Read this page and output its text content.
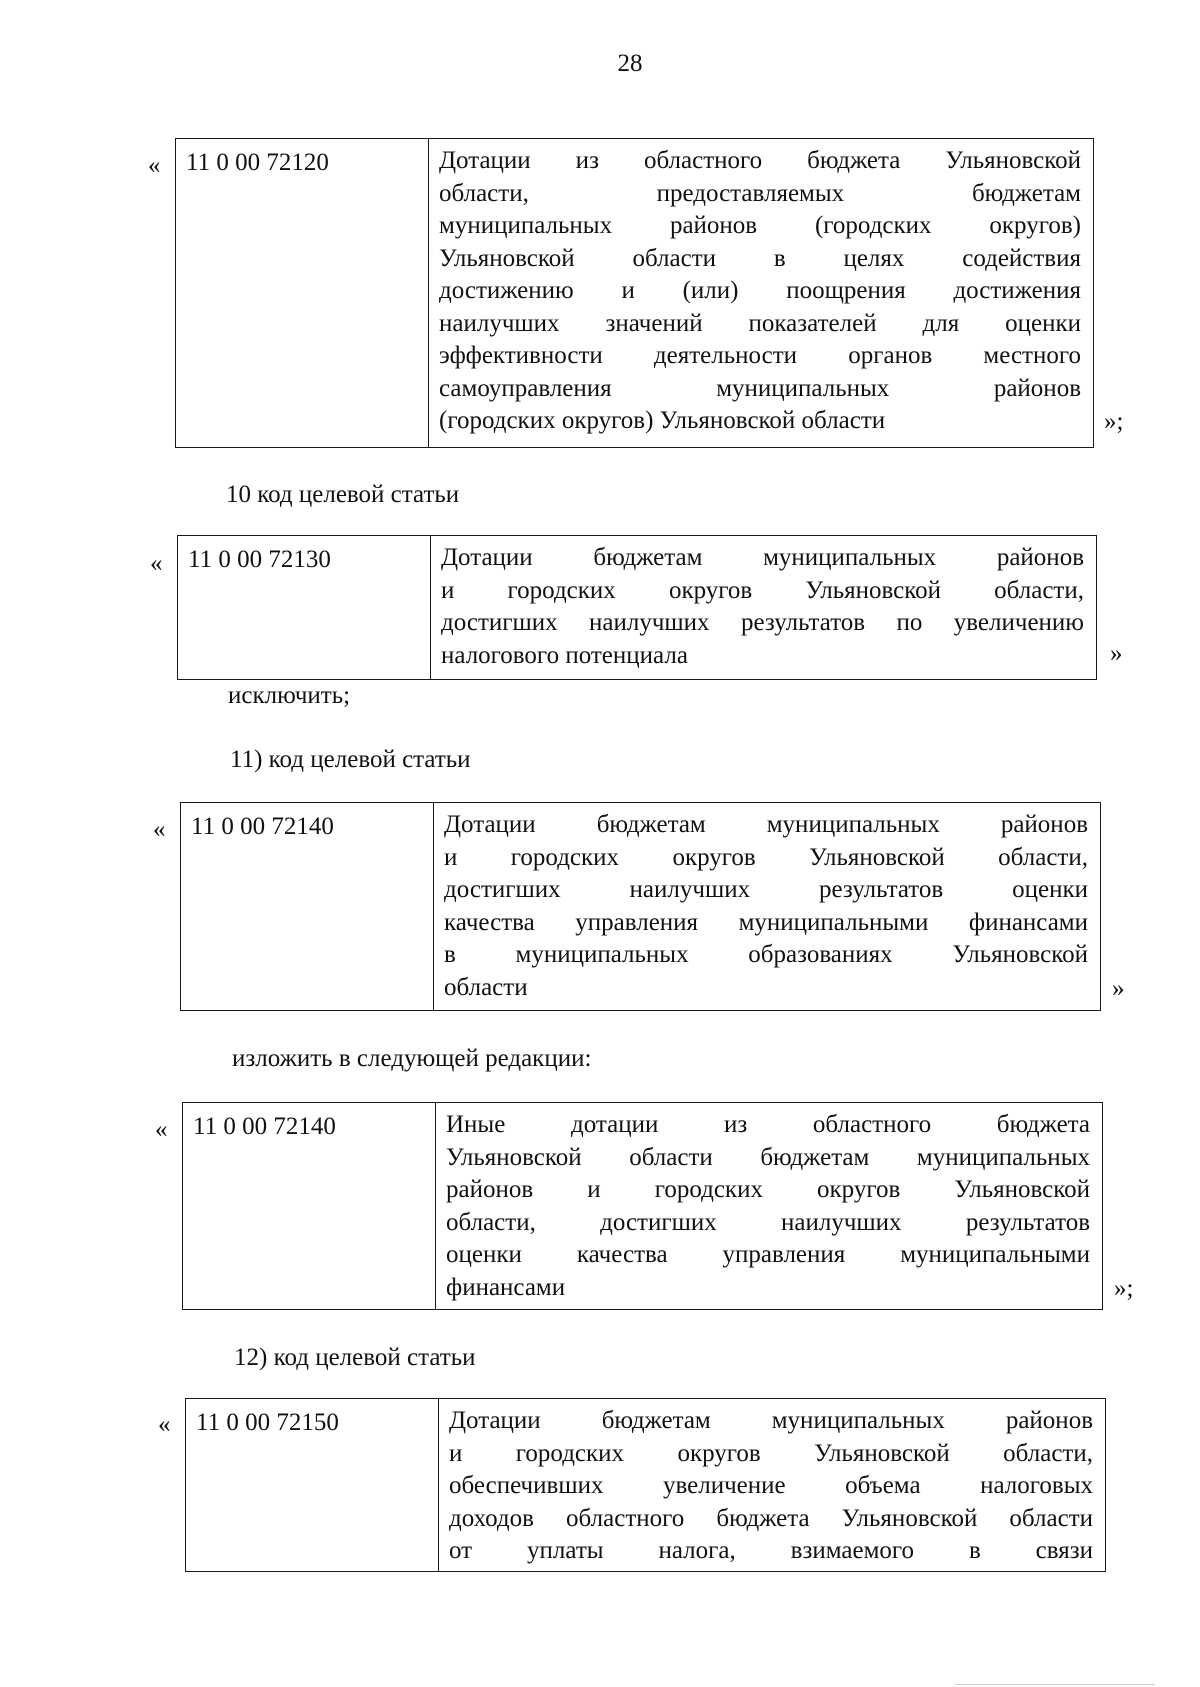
28
«	11 0 00 72120	Дотации из областного бюджета Ульяновской
области, предоставляемых бюджетам
муниципальных районов (городских округов)
Ульяновской области в целях содействия
достижению и (или) поощрения достижения
наилучших значений показателей для оценки
эффективности деятельности органов местного
самоуправления муниципальных районов
(городских округов) Ульяновской области	»;
10 код целевой статьи
«	11 0 00 72130	Дотации бюджетам муниципальных районов
и городских округов Ульяновской области,
достигших наилучших результатов по увеличению
налогового потенциала	»
исключить;
11) код целевой статьи
«	11 0 00 72140	Дотации бюджетам муниципальных районов
и городских округов Ульяновской области,
достигших наилучших результатов оценки
качества управления муниципальными финансами
в муниципальных образованиях Ульяновской
области	»
изложить в следующей редакции:
«	11 0 00 72140	Иные дотации из областного бюджета
Ульяновской области бюджетам муниципальных
районов и городских округов Ульяновской
области, достигших наилучших результатов
оценки качества управления муниципальными
финансами	»;
12) код целевой статьи
«	11 0 00 72150	Дотации бюджетам муниципальных районов
и городских округов Ульяновской области,
обеспечивших увеличение объема налоговых
доходов областного бюджета Ульяновской области
от уплаты налога, взимаемого в связи
